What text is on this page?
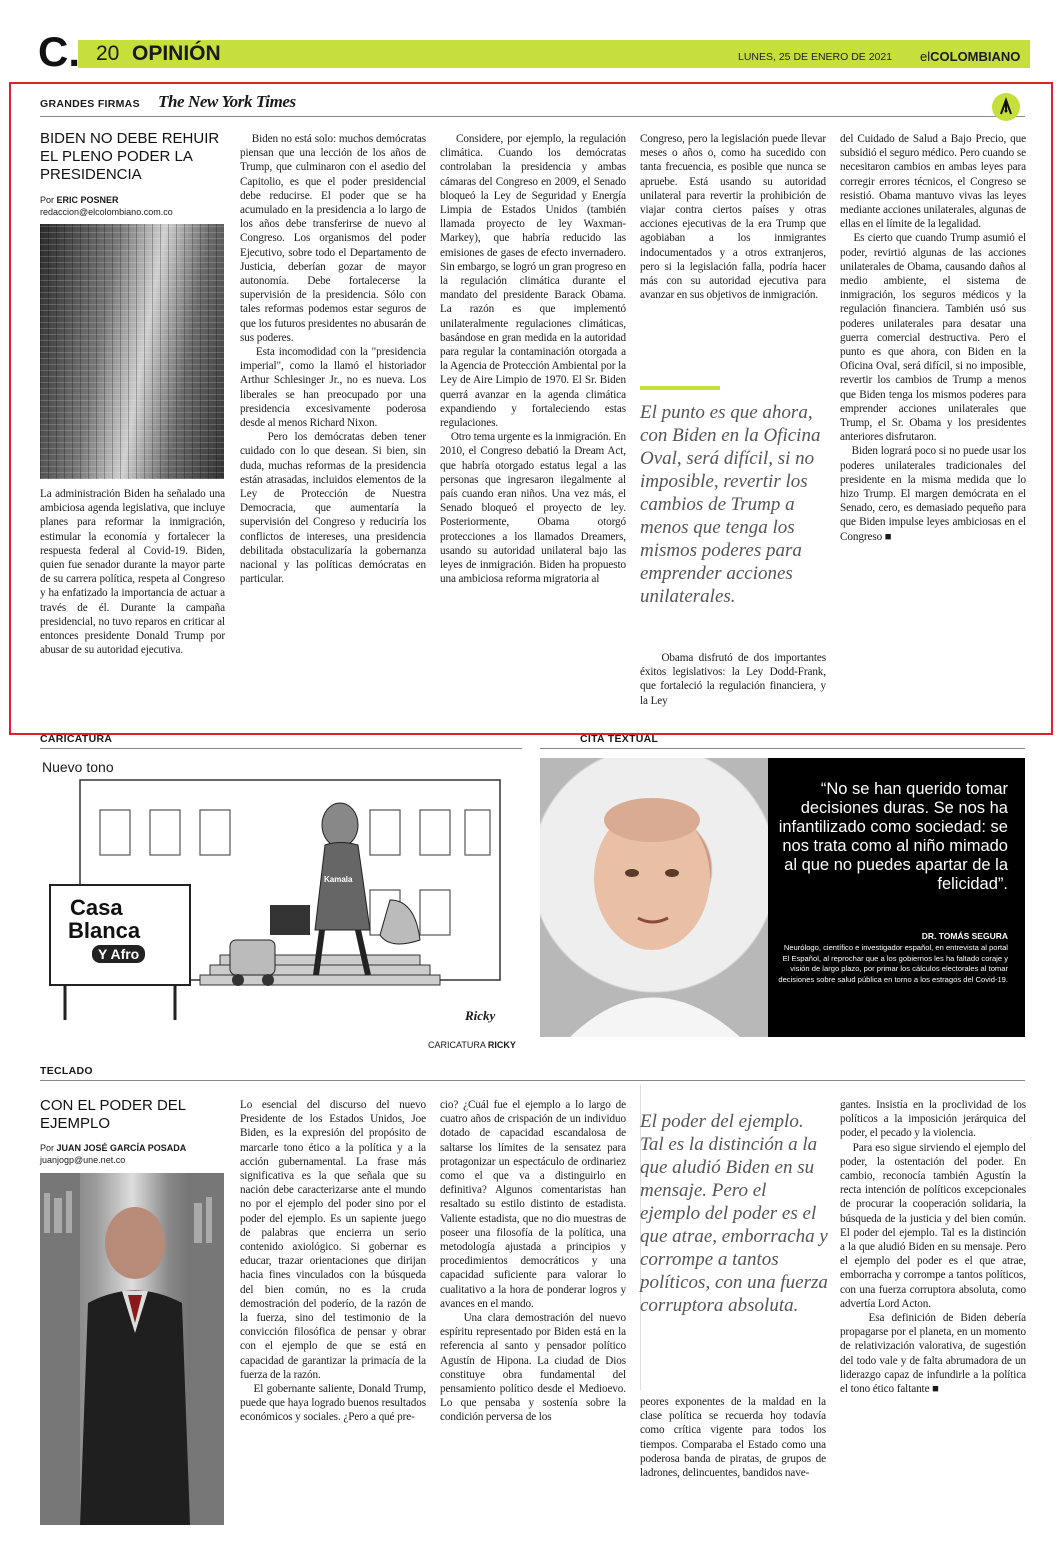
C. 20 OPINIÓN	LUNES, 25 DE ENERO DE 2021 elCOLOMBIANO
GRANDES FIRMAS The New York Times
BIDEN NO DEBE REHUIR EL PLENO PODER LA PRESIDENCIA
Por ERIC POSNER
redaccion@elcolombiano.com.co

La administración Biden ha señalado una ambiciosa agenda legislativa, que incluye planes para reformar la inmigración, estimular la economía y fortalecer la respuesta federal al Covid-19. Biden, quien fue senador durante la mayor parte de su carrera política, respeta al Congreso y ha enfatizado la importancia de actuar a través de él. Durante la campaña presidencial, no tuvo reparos en criticar al entonces presidente Donald Trump por abusar de su autoridad ejecutiva.

Biden no está solo: muchos demócratas piensan que una lección de los años de Trump, que culminaron con el asedio del Capitolio, es que el poder presidencial debe reducirse. El poder que se ha acumulado en la presidencia a lo largo de los años debe transferirse de nuevo al Congreso. Los organismos del poder Ejecutivo, sobre todo el Departamento de Justicia, deberían gozar de mayor autonomía. Debe fortalecerse la supervisión de la presidencia. Sólo con tales reformas podemos estar seguros de que los futuros presidentes no abusarán de sus poderes.
Esta incomodidad con la "presidencia imperial", como la llamó el historiador Arthur Schlesinger Jr., no es nueva. Los liberales se han preocupado por una presidencia excesivamente poderosa desde al menos Richard Nixon.
Pero los demócratas deben tener cuidado con lo que desean. Si bien, sin duda, muchas reformas de la presidencia están atrasadas, incluidos elementos de la Ley de Protección de Nuestra Democracia, que aumentaría la supervisión del Congreso y reduciría los conflictos de intereses, una presidencia debilitada obstaculizaría la gobernanza nacional y las políticas demócratas en particular.

Considere, por ejemplo, la regulación climática. Cuando los demócratas controlaban la presidencia y ambas cámaras del Congreso en 2009, el Senado bloqueó la Ley de Seguridad y Energía Limpia de Estados Unidos (también llamada proyecto de ley Waxman-Markey), que habría reducido las emisiones de gases de efecto invernadero. Sin embargo, se logró un gran progreso en la regulación climática durante el mandato del presidente Barack Obama. La razón es que implementó unilateralmente regulaciones climáticas, basándose en gran medida en la autoridad para regular la contaminación otorgada a la Agencia de Protección Ambiental por la Ley de Aire Limpio de 1970. El Sr. Biden querrá avanzar en la agenda climática expandiendo y fortaleciendo estas regulaciones.
Otro tema urgente es la inmigración. En 2010, el Congreso debatió la Dream Act, que habría otorgado estatus legal a las personas que ingresaron ilegalmente al país cuando eran niños. Una vez más, el Senado bloqueó el proyecto de ley. Posteriormente, Obama otorgó protecciones a los llamados Dreamers, usando su autoridad unilateral bajo las leyes de inmigración. Biden ha propuesto una ambiciosa reforma migratoria al

Congreso, pero la legislación puede llevar meses o años o, como ha sucedido con tanta frecuencia, es posible que nunca se apruebe. Está usando su autoridad unilateral para revertir la prohibición de viajar contra ciertos países y otras acciones ejecutivas de la era Trump que agobiaban a los inmigrantes indocumentados y a otros extranjeros, pero si la legislación falla, podría hacer más con su autoridad ejecutiva para avanzar en sus objetivos de inmigración.

El punto es que ahora, con Biden en la Oficina Oval, será difícil, si no imposible, revertir los cambios de Trump a menos que tenga los mismos poderes para emprender acciones unilaterales.

Obama disfrutó de dos importantes éxitos legislativos: la Ley Dodd-Frank, que fortaleció la regulación financiera, y la Ley

del Cuidado de Salud a Bajo Precio, que subsidió el seguro médico. Pero cuando se necesitaron cambios en ambas leyes para corregir errores técnicos, el Congreso se resistió. Obama mantuvo vivas las leyes mediante acciones unilaterales, algunas de ellas en el límite de la legalidad.
Es cierto que cuando Trump asumió el poder, revirtió algunas de las acciones unilaterales de Obama, causando daños al medio ambiente, el sistema de inmigración, los seguros médicos y la regulación financiera. También usó sus poderes unilaterales para desatar una guerra comercial destructiva. Pero el punto es que ahora, con Biden en la Oficina Oval, será difícil, si no imposible, revertir los cambios de Trump a menos que Biden tenga los mismos poderes para emprender acciones unilaterales que Trump, el Sr. Obama y los presidentes anteriores disfrutaron.
Biden logrará poco si no puede usar los poderes unilaterales tradicionales del presidente en la misma medida que lo hizo Trump. El margen demócrata en el Senado, cero, es demasiado pequeño para que Biden impulse leyes ambiciosas en el Congreso ■

CARICATURA
Nuevo tono
Casa
Blanca
Y Afro
Kamala
Ricky
CARICATURA RICKY
CITA TEXTUAL
“No se han querido tomar decisiones duras. Se nos ha infantilizado como sociedad: se nos trata como al niño mimado al que no puedes apartar de la felicidad”.
DR. TOMÁS SEGURA
Neurólogo, científico e investigador español, en entrevista al portal El Español, al reprochar que a los gobiernos les ha faltado coraje y visión de largo plazo, por primar los cálculos electorales al tomar decisiones sobre salud pública en torno a los estragos del Covid-19.
TECLADO
CON EL PODER DEL EJEMPLO
Por JUAN JOSÉ GARCÍA POSADA
juanjogp@une.net.co

Lo esencial del discurso del nuevo Presidente de los Estados Unidos, Joe Biden, es la expresión del propósito de marcarle tono ético a la política y a la acción gubernamental. La frase más significativa es la que señala que su nación debe caracterizarse ante el mundo no por el ejemplo del poder sino por el poder del ejemplo. Es un sapiente juego de palabras que encierra un serio contenido axiológico. Si gobernar es educar, trazar orientaciones que dirijan hacia fines vinculados con la búsqueda del bien común, no es la cruda demostración del poderío, de la razón de la fuerza, sino del testimonio de la convicción filosófica de pensar y obrar con el ejemplo de que se está en capacidad de garantizar la primacía de la fuerza de la razón.
El gobernante saliente, Donald Trump, puede que haya logrado buenos resultados económicos y sociales. ¿Pero a qué pre-

cio? ¿Cuál fue el ejemplo a lo largo de cuatro años de crispación de un individuo dotado de capacidad escandalosa de saltarse los límites de la sensatez para protagonizar un espectáculo de ordinariez como el que va a distinguirlo en definitiva? Algunos comentaristas han resaltado su estilo distinto de estadista. Valiente estadista, que no dio muestras de poseer una filosofía de la política, una metodología ajustada a principios y procedimientos democráticos y una capacidad suficiente para valorar lo cualitativo a la hora de ponderar logros y avances en el mando.
Una clara demostración del nuevo espíritu representado por Biden está en la referencia al santo y pensador político Agustín de Hipona. La ciudad de Dios constituye obra fundamental del pensamiento político desde el Medioevo. Lo que pensaba y sostenía sobre la condición perversa de los

El poder del ejemplo. Tal es la distinción a la que aludió Biden en su mensaje. Pero el ejemplo del poder es el que atrae, emborracha y corrompe a tantos políticos, con una fuerza corruptora absoluta.

peores exponentes de la maldad en la clase política se recuerda hoy todavía como crítica vigente para todos los tiempos. Comparaba el Estado como una poderosa banda de piratas, de grupos de ladrones, delincuentes, bandidos nave-

gantes. Insistía en la proclividad de los políticos a la imposición jerárquica del poder, el pecado y la violencia.
Para eso sigue sirviendo el ejemplo del poder, la ostentación del poder. En cambio, reconocía también Agustín la recta intención de políticos excepcionales de procurar la cooperación solidaria, la búsqueda de la justicia y del bien común. El poder del ejemplo. Tal es la distinción a la que aludió Biden en su mensaje. Pero el ejemplo del poder es el que atrae, emborracha y corrompe a tantos políticos, con una fuerza corruptora absoluta, como advertía Lord Acton.
Esa definición de Biden debería propagarse por el planeta, en un momento de relativización valorativa, de sugestión del todo vale y de falta abrumadora de un liderazgo capaz de infundirle a la política el tono ético faltante ■
